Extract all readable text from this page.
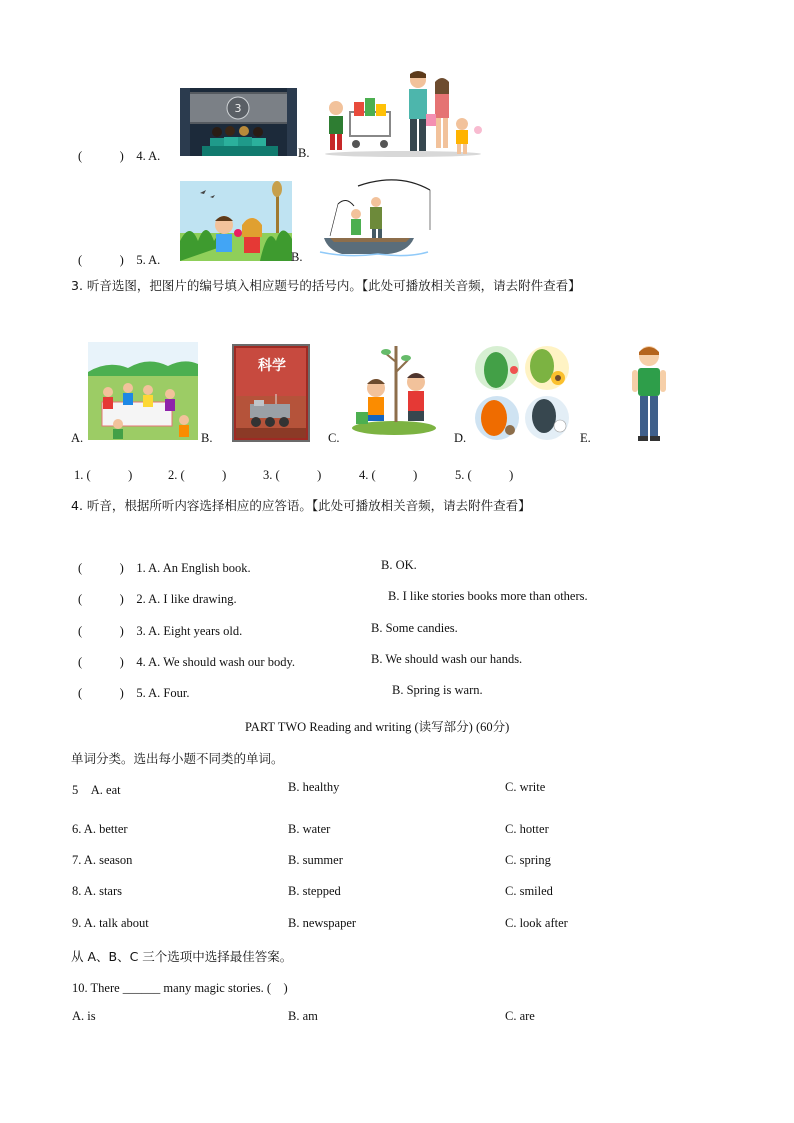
(　　　)　4. A.
3
B.
(　　　)　5. A.	B.
3. 听音选图，把图片的编号填入相应题号的括号内。【此处可播放相关音频，请去附件查看】
A.	B.
科学
C.	D.	E.
1. (　　　)	2. (　　　)	3. (　　　)	4. (　　　)	5. (　　　)
4. 听音，根据所听内容选择相应的应答语。【此处可播放相关音频，请去附件查看】
(　　　)　1. A. An English book.	B. OK.
(　　　)　2. A. I like drawing.	B. I like stories books more than others.
(　　　)　3. A. Eight years old.	B. Some candies.
(　　　)　4. A. We should wash our body.	B. We should wash our hands.
(　　　)　5. A. Four.	B. Spring is warn.
PART TWO Reading and writing (读写部分) (60分)
单词分类。选出每小题不同类的单词。
5　A. eat	B. healthy	C. write
6. A. better	B. water	C. hotter
7. A. season	B. summer	C. spring
8. A. stars	B. stepped	C. smiled
9. A. talk about	B. newspaper	C. look after
从 A、B、C 三个选项中选择最佳答案。
10. There ______ many magic stories. (　)
A. is	B. am	C. are
